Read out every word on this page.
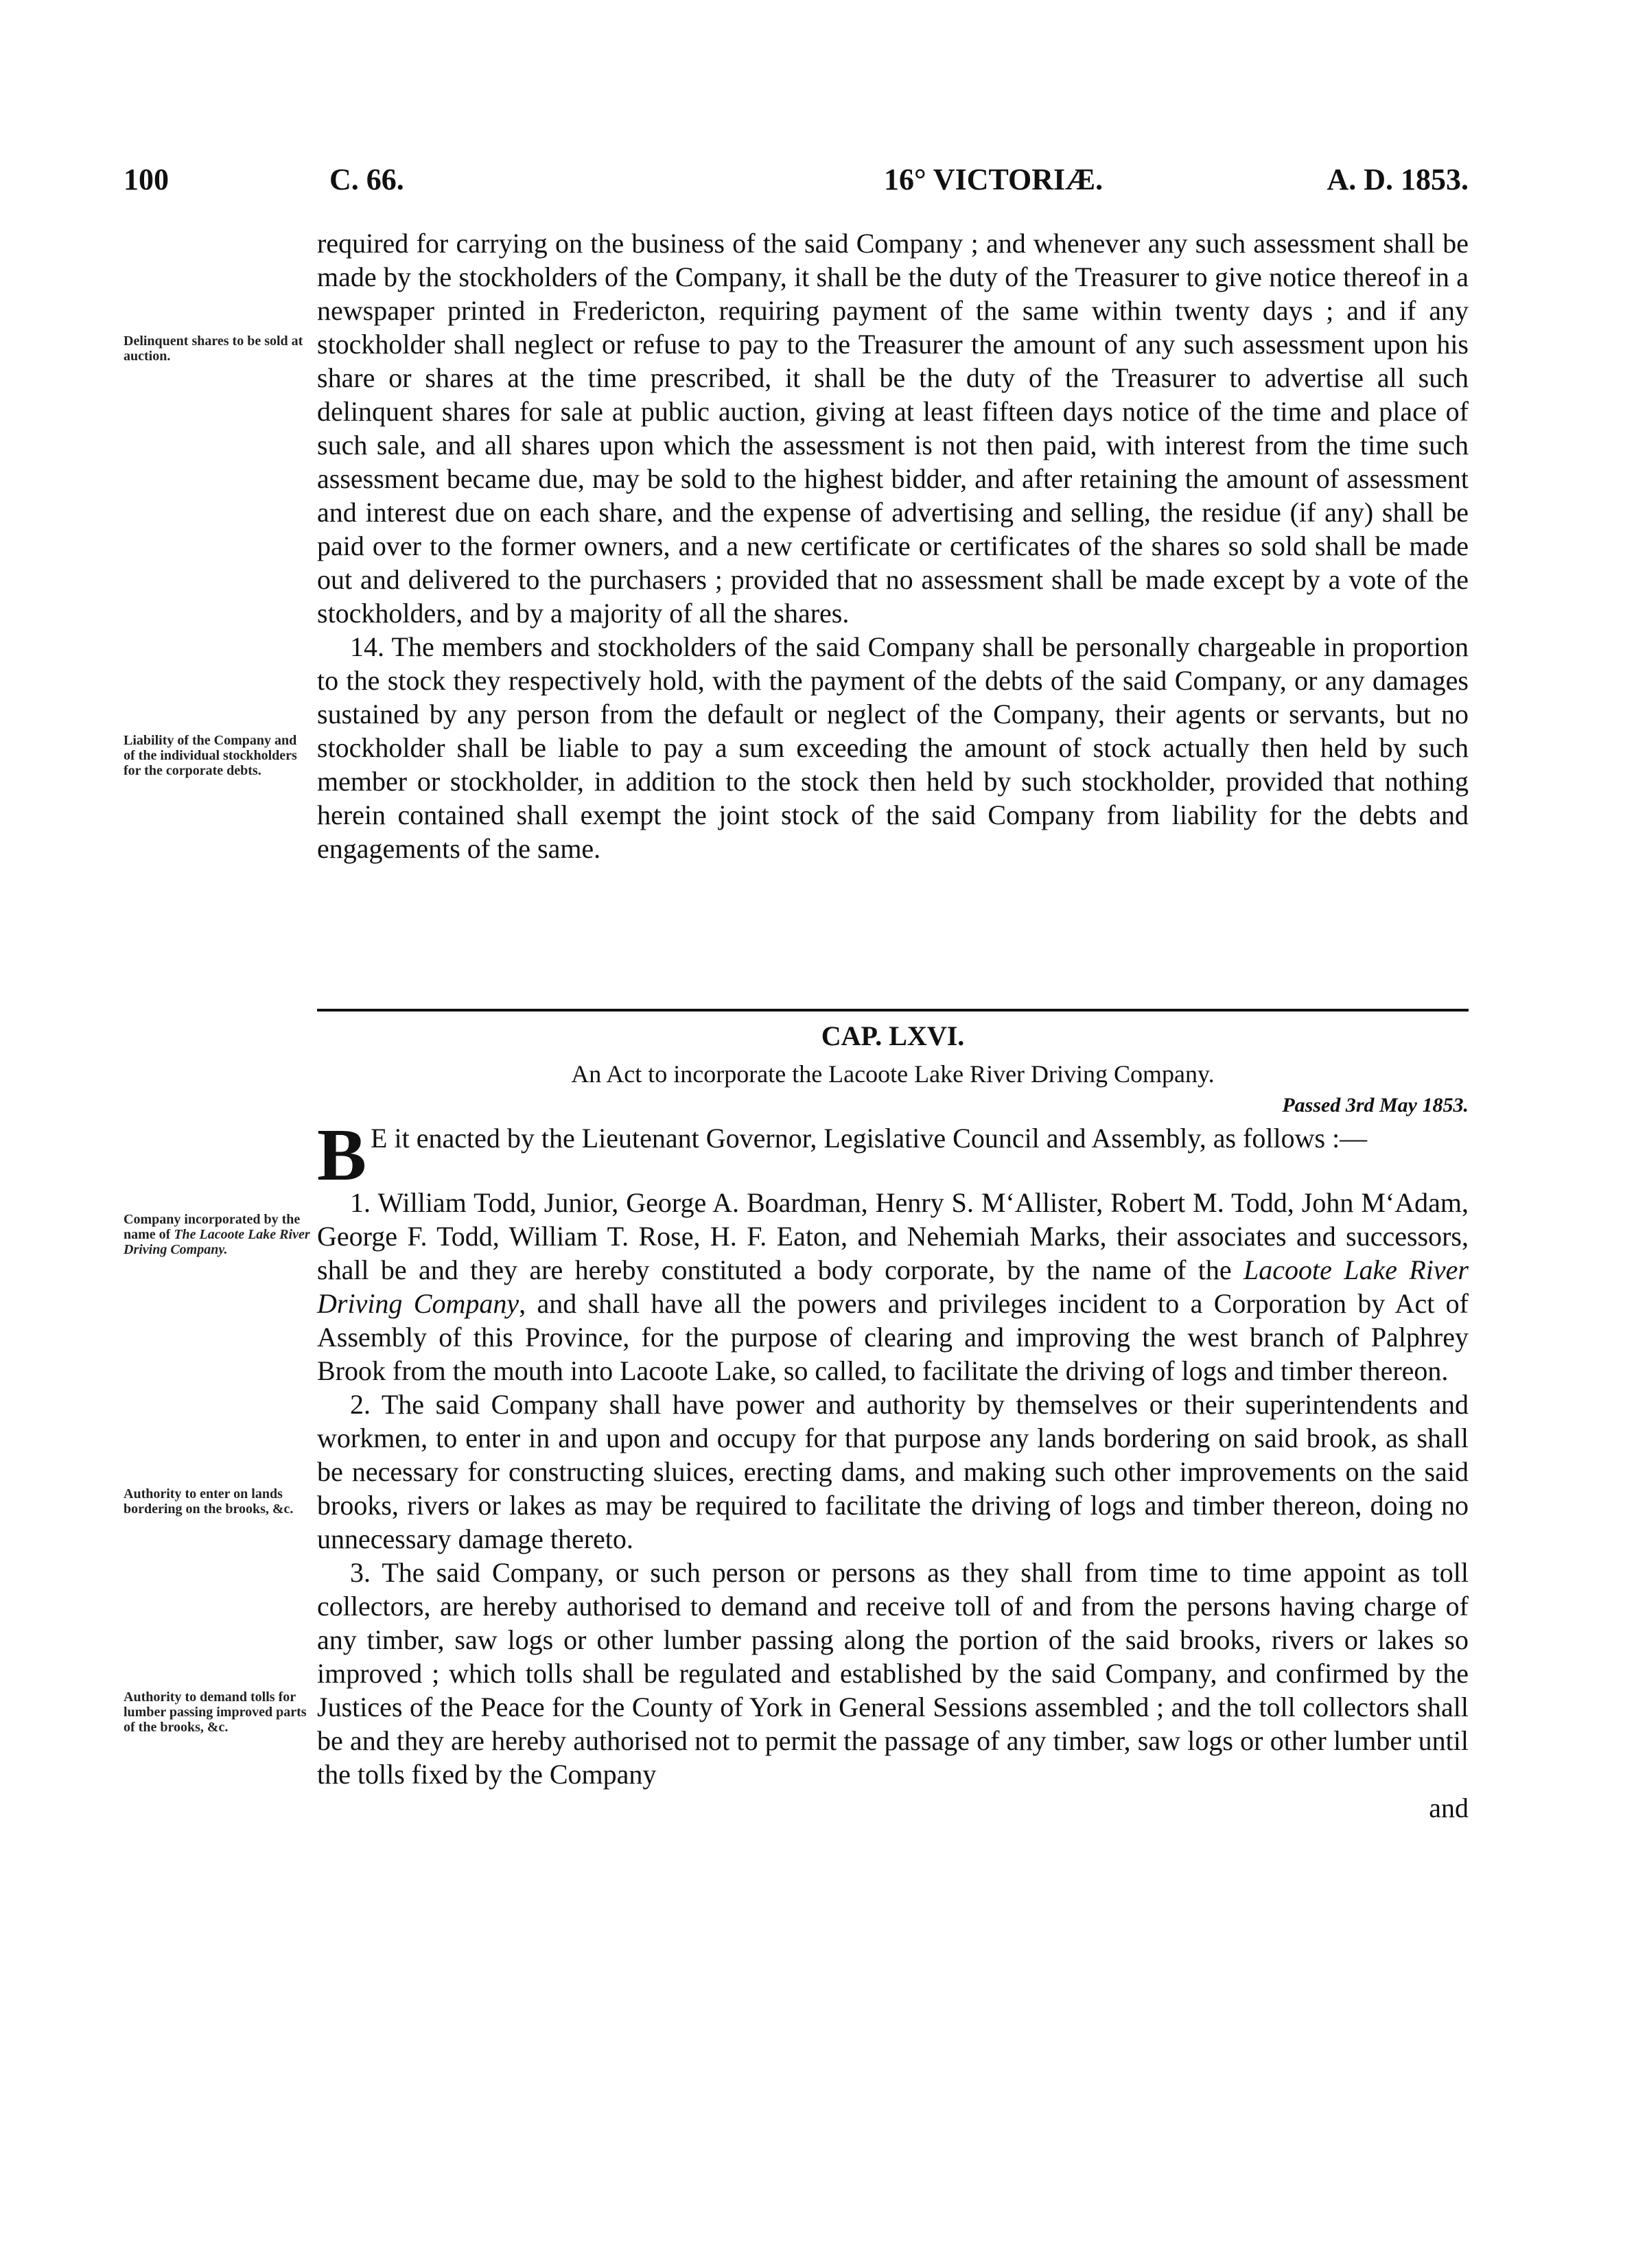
100	C. 66.	16° VICTORIÆ.	A. D. 1853.

required for carrying on the business of the said Company ; and whenever any such assessment shall be made by the stockholders of the Company, it shall be the duty of the Treasurer to give notice thereof in a newspaper printed in Fredericton, requiring payment of the same within twenty days ; and if any stockholder shall neglect or refuse to pay to the Treasurer the amount of any such assessment upon his share or shares at the time prescribed, it shall be the duty of the Treasurer to advertise all such delinquent shares for sale at public auction, giving at least fifteen days notice of the time and place of such sale, and all shares upon which the assessment is not then paid, with interest from the time such assessment became due, may be sold to the highest bidder, and after retaining the amount of assessment and interest due on each share, and the expense of advertising and selling, the residue (if any) shall be paid over to the former owners, and a new certificate or certificates of the shares so sold shall be made out and delivered to the purchasers ; provided that no assessment shall be made except by a vote of the stockholders, and by a majority of all the shares.

14. The members and stockholders of the said Company shall be personally chargeable in proportion to the stock they respectively hold, with the payment of the debts of the said Company, or any damages sustained by any person from the default or neglect of the Company, their agents or servants, but no stockholder shall be liable to pay a sum exceeding the amount of stock actually then held by such member or stockholder, in addition to the stock then held by such stockholder, provided that nothing herein contained shall exempt the joint stock of the said Company from liability for the debts and engagements of the same.

Delinquent shares to be sold at auction.
Liability of the Company and of the individual stockholders for the corporate debts.
CAP. LXVI.
An Act to incorporate the Lacoote Lake River Driving Company.
Passed 3rd May 1853.

B E it enacted by the Lieutenant Governor, Legislative Council and Assembly, as follows :—

1. William Todd, Junior, George A. Boardman, Henry S. M‘Allister, Robert M. Todd, John M‘Adam, George F. Todd, William T. Rose, H. F. Eaton, and Nehemiah Marks, their associates and successors, shall be and they are hereby constituted a body corporate, by the name of the Lacoote Lake River Driving Company, and shall have all the powers and privileges incident to a Corporation by Act of Assembly of this Province, for the purpose of clearing and improving the west branch of Palphrey Brook from the mouth into Lacoote Lake, so called, to facilitate the driving of logs and timber thereon.

2. The said Company shall have power and authority by themselves or their superintendents and workmen, to enter in and upon and occupy for that purpose any lands bordering on said brook, as shall be necessary for constructing sluices, erecting dams, and making such other improvements on the said brooks, rivers or lakes as may be required to facilitate the driving of logs and timber thereon, doing no unnecessary damage thereto.

3. The said Company, or such person or persons as they shall from time to time appoint as toll collectors, are hereby authorised to demand and receive toll of and from the persons having charge of any timber, saw logs or other lumber passing along the portion of the said brooks, rivers or lakes so improved ; which tolls shall be regulated and established by the said Company, and confirmed by the Justices of the Peace for the County of York in General Sessions assembled ; and the toll collectors shall be and they are hereby authorised not to permit the passage of any timber, saw logs or other lumber until the tolls fixed by the Company

and

Company incorporated by the name of The Lacoote Lake River Driving Company.
Authority to enter on lands bordering on the brooks, &c.
Authority to demand tolls for lumber passing improved parts of the brooks, &c.
